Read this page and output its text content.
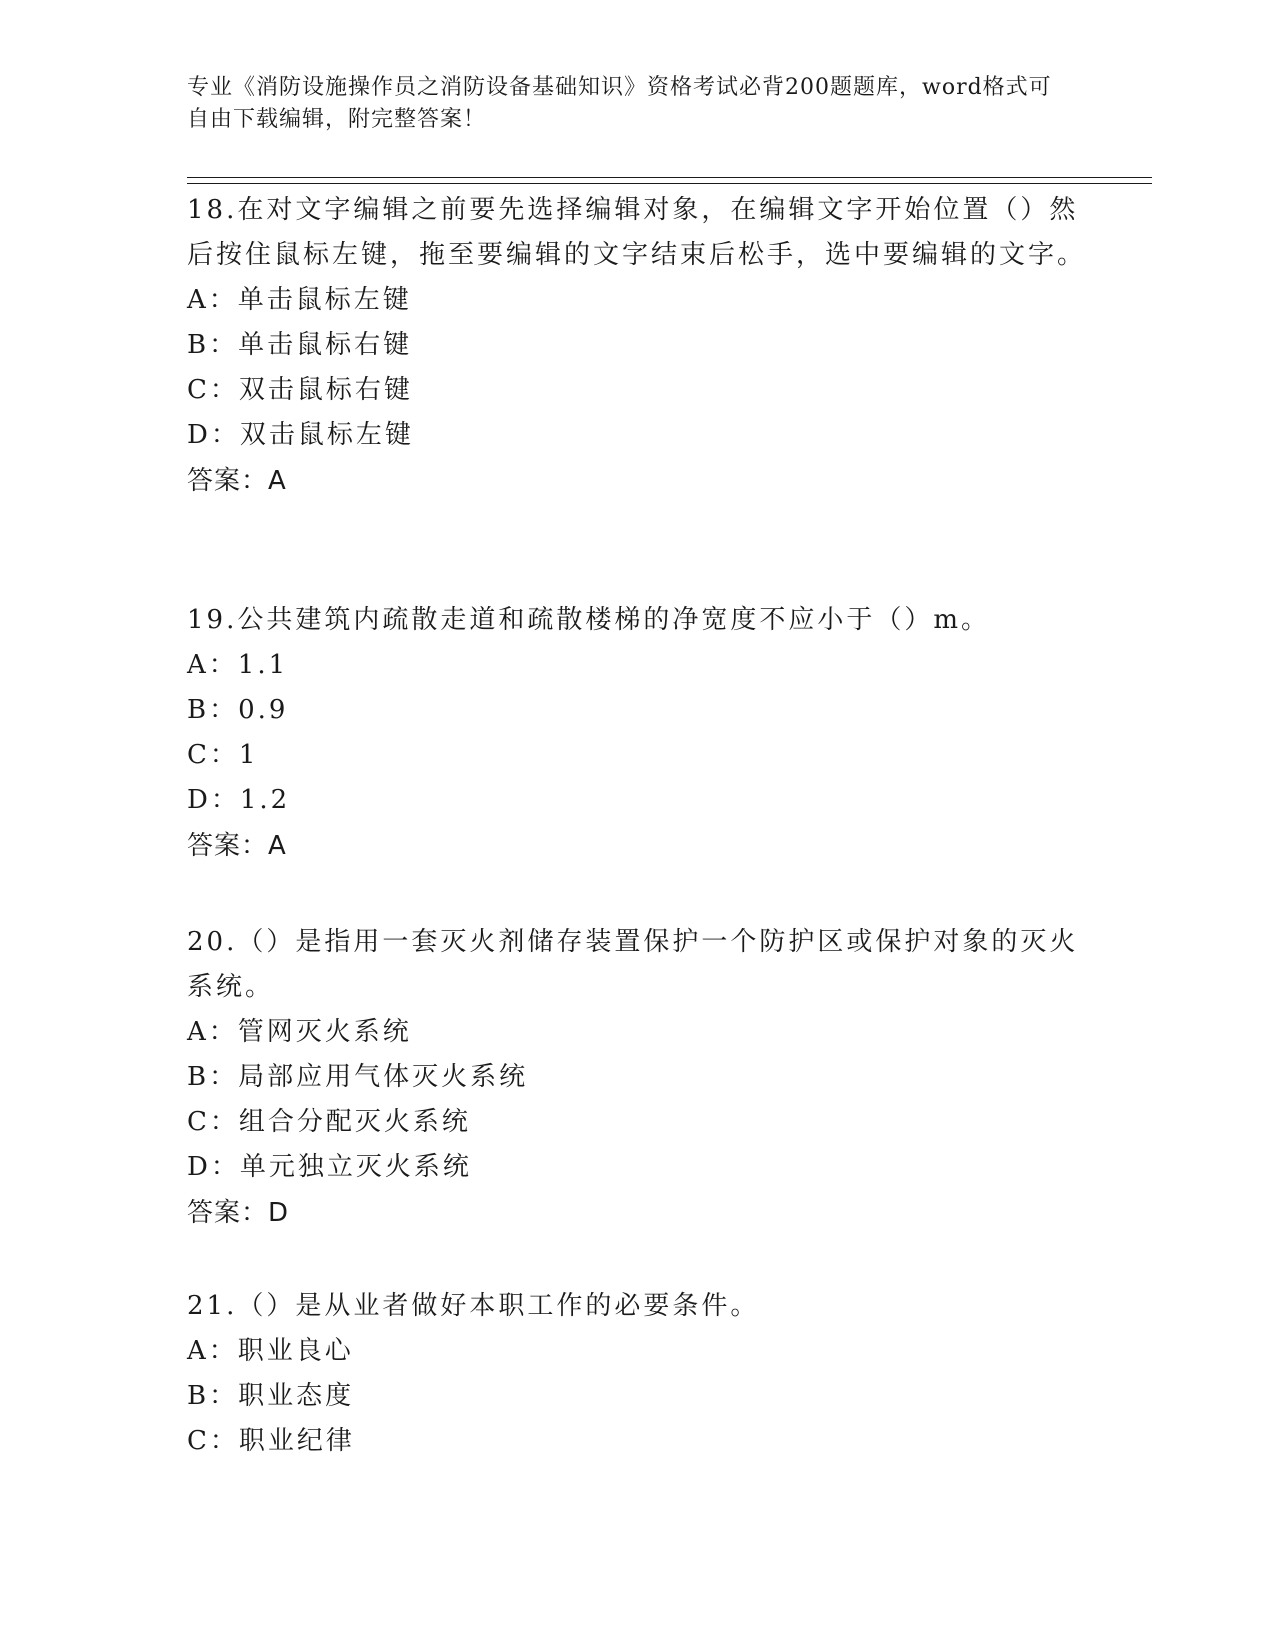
专业《消防设施操作员之消防设备基础知识》资格考试必背200题题库，word格式可自由下载编辑，附完整答案！

18.在对文字编辑之前要先选择编辑对象，在编辑文字开始位置（）然后按住鼠标左键，拖至要编辑的文字结束后松手，选中要编辑的文字。

A：单击鼠标左键

B：单击鼠标右键

C：双击鼠标右键

D：双击鼠标左键

答案：A

19.公共建筑内疏散走道和疏散楼梯的净宽度不应小于（）m。

A：1.1

B：0.9

C：1

D：1.2

答案：A

20.（）是指用一套灭火剂储存装置保护一个防护区或保护对象的灭火系统。

A：管网灭火系统

B：局部应用气体灭火系统

C：组合分配灭火系统

D：单元独立灭火系统

答案：D

21.（）是从业者做好本职工作的必要条件。

A：职业良心

B：职业态度

C：职业纪律
